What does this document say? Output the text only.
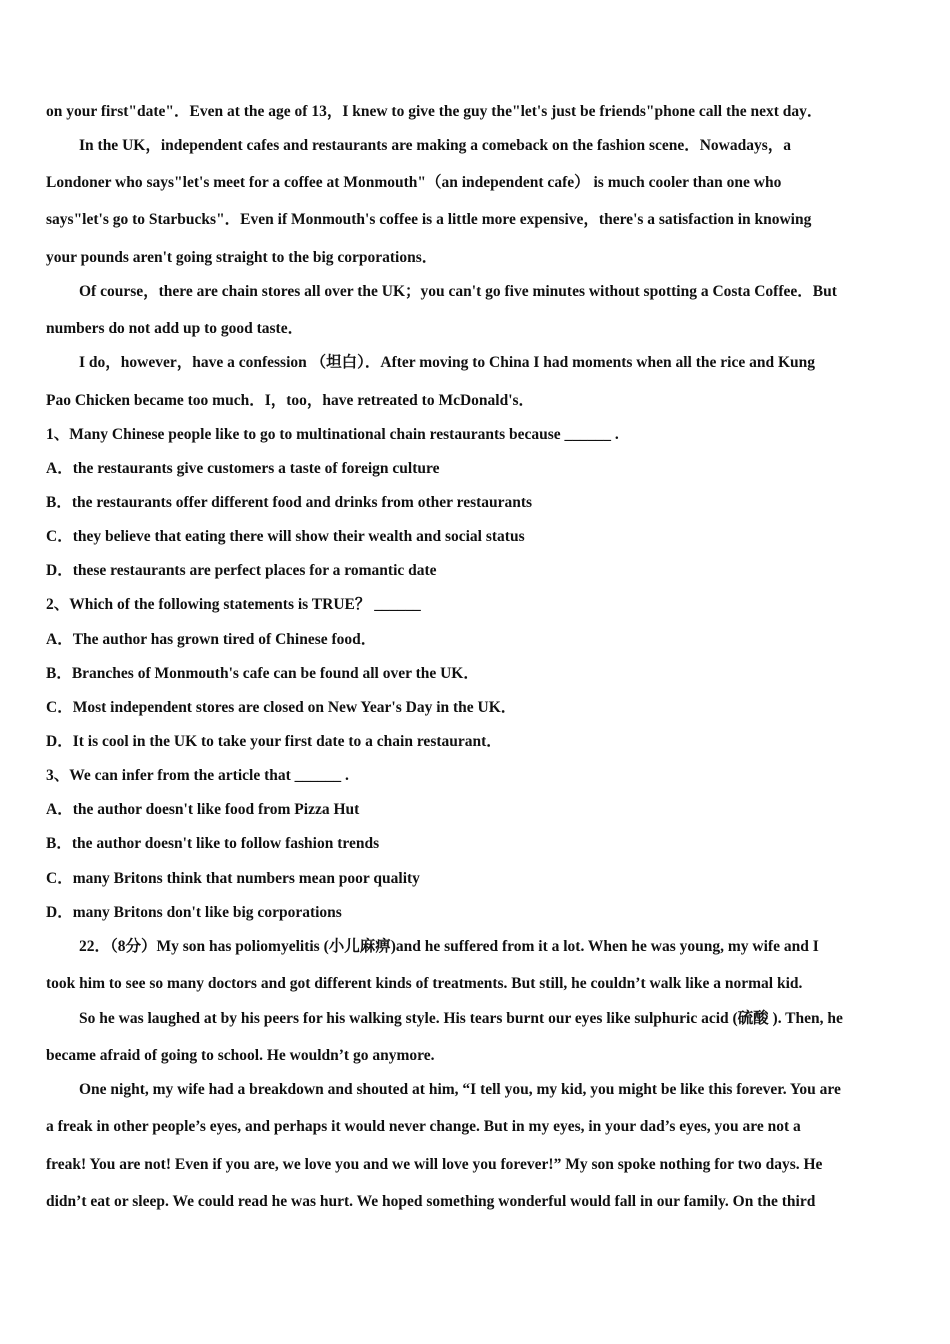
on your first"date"．Even at the age of 13，I knew to give the guy the"let's just be friends"phone call the next day．
In the UK，independent cafes and restaurants are making a comeback on the fashion scene．Nowadays，a
Londoner who says"let's meet for a coffee at Monmouth"（an independent cafe） is much cooler than one who
says"let's go to Starbucks"．Even if Monmouth's coffee is a little more expensive，there's a satisfaction in knowing
your pounds aren't going straight to the big corporations．
Of course，there are chain stores all over the UK；you can't go five minutes without spotting a Costa Coffee．But
numbers do not add up to good taste．
I do，however，have a confession （坦白）．After moving to China I had moments when all the rice and Kung
Pao Chicken became too much．I，too，have retreated to McDonald's．
1、Many Chinese people like to go to multinational chain restaurants because ______ .
A．the restaurants give customers a taste of foreign culture
B．the restaurants offer different food and drinks from other restaurants
C．they believe that eating there will show their wealth and social status
D．these restaurants are perfect places for a romantic date
2、Which of the following statements is TRUE？ ______
A．The author has grown tired of Chinese food．
B．Branches of Monmouth's cafe can be found all over the UK．
C．Most independent stores are closed on New Year's Day in the UK．
D．It is cool in the UK to take your first date to a chain restaurant．
3、We can infer from the article that ______ .
A．the author doesn't like food from Pizza Hut
B．the author doesn't like to follow fashion trends
C．many Britons think that numbers mean poor quality
D．many Britons don't like big corporations
22．（8分）My son has poliomyelitis (小儿麻痹)and he suffered from it a lot. When he was young, my wife and I
took him to see so many doctors and got different kinds of treatments. But still, he couldn’t walk like a normal kid.
So he was laughed at by his peers for his walking style. His tears burnt our eyes like sulphuric acid (硫酸 ). Then, he
became afraid of going to school. He wouldn’t go anymore.
One night, my wife had a breakdown and shouted at him, “I tell you, my kid, you might be like this forever. You are
a freak in other people’s eyes, and perhaps it would never change. But in my eyes, in your dad’s eyes, you are not a
freak! You are not! Even if you are, we love you and we will love you forever!” My son spoke nothing for two days. He
didn’t eat or sleep. We could read he was hurt. We hoped something wonderful would fall in our family. On the third
